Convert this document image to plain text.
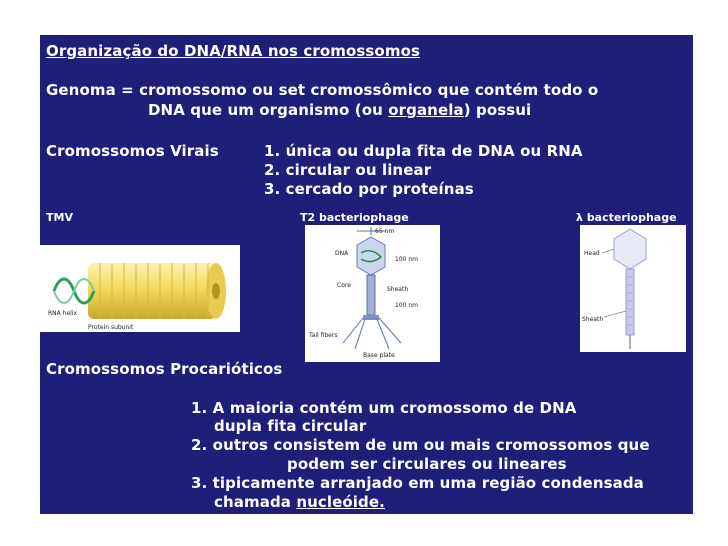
Organização do DNA/RNA nos cromossomos
Genoma = cromossomo ou set cromossômico que contém todo o
DNA que um organismo (ou organela) possui
Cromossomos Virais	1. única ou dupla fita de DNA ou RNA
2. circular ou linear
3. cercado por proteínas
TMV	T2 bacteriophage	λ bacteriophage
RNA helix
Protein subunit
65 nm
DNA
100 nm
Core
Sheath
100 nm
Tail fibers
Base plate
Head
Sheath
Cromossomos Procarióticos
1. A maioria contém um cromossomo de DNA
dupla fita circular
2. outros consistem de um ou mais cromossomos que
podem ser circulares ou lineares
3. tipicamente arranjado em uma região condensada
chamada nucleóide.
